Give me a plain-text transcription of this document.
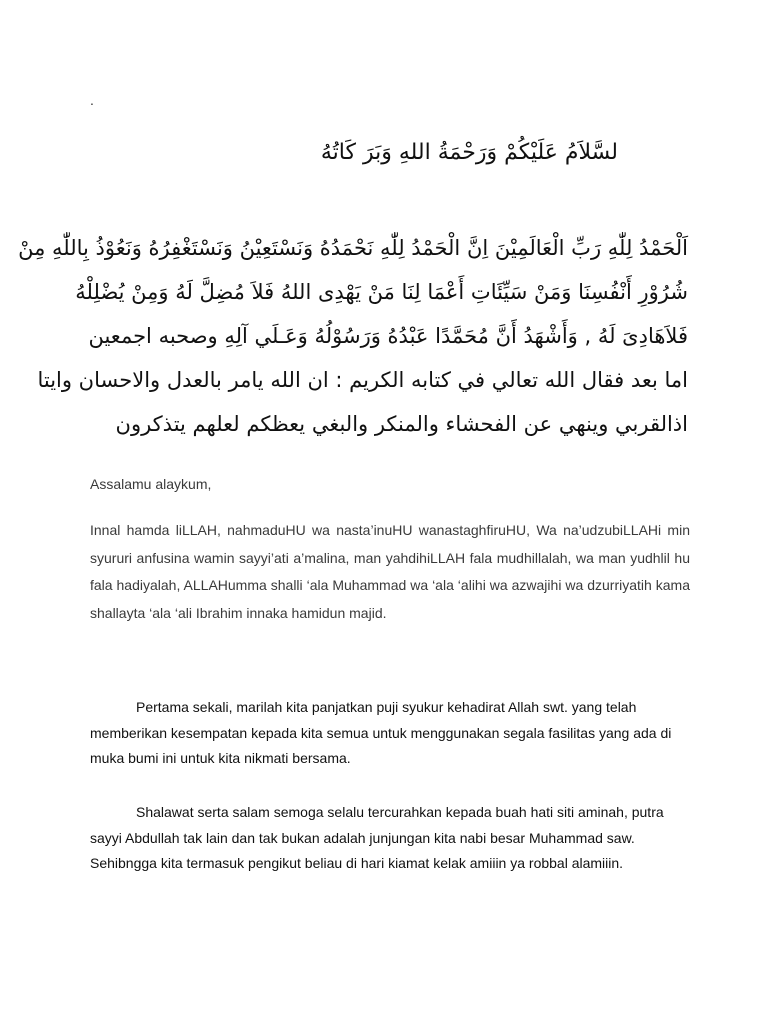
.
لسَّلاَمُ عَلَيْكُمْ وَرَحْمَةُ اللهِ وَبَرَ كَاتُهُ
اَلْحَمْدُ لِلّٰهِ رَبِّ الْعَالَمِيْنَ اِنَّ الْحَمْدُ لِلّٰهِ نَحْمَدُهُ وَنَسْتَعِيْنُ وَنَسْتَغْفِرُهُ وَنَعُوْذُ بِاللّٰهِ مِنْ
شُرُوْرِ أَنْفُسِنَا وَمَنْ سَيِّئَاتِ أَعْمَا لِنَا مَنْ يَهْدِى اللهُ فَلاَ مُضِلَّ لَهُ وَمِنْ يُضْلِلْهُ
فَلاَهَادِىَ لَهُ , وَأَشْهَدُ أَنَّ مُحَمَّدًا عَبْدُهُ وَرَسُوْلُهُ وَعَـلَي آلِهِ وصحبه اجمعين
اما بعد فقال الله تعالي في كتابه الكريم : ان الله يامر بالعدل والاحسان وايتا
اذالقربي وينهي عن الفحشاء والمنكر والبغي يعظكم لعلهم يتذكرون
Assalamu alaykum,
Innal hamda liLLAH, nahmaduHU wa nasta’inuHU wanastaghfiruHU, Wa na’udzubiLLAHi min syururi anfusina wamin sayyi’ati a’malina, man yahdihiLLAH fala mudhillalah, wa man yudhlil hu fala hadiyalah, ALLAHumma shalli ‘ala Muhammad wa ‘ala ‘alihi wa azwajihi wa dzurriyatih kama shallayta ‘ala ‘ali Ibrahim innaka hamidun majid.
Pertama sekali, marilah kita panjatkan puji syukur kehadirat Allah swt. yang telah memberikan kesempatan kepada kita semua untuk menggunakan segala fasilitas yang ada di muka bumi ini untuk kita nikmati bersama.
Shalawat serta salam semoga selalu tercurahkan kepada buah hati siti aminah, putra sayyi Abdullah tak lain dan tak bukan adalah junjungan kita nabi besar Muhammad saw. Sehibngga kita termasuk pengikut beliau di hari kiamat kelak amiiin ya robbal alamiiin.
